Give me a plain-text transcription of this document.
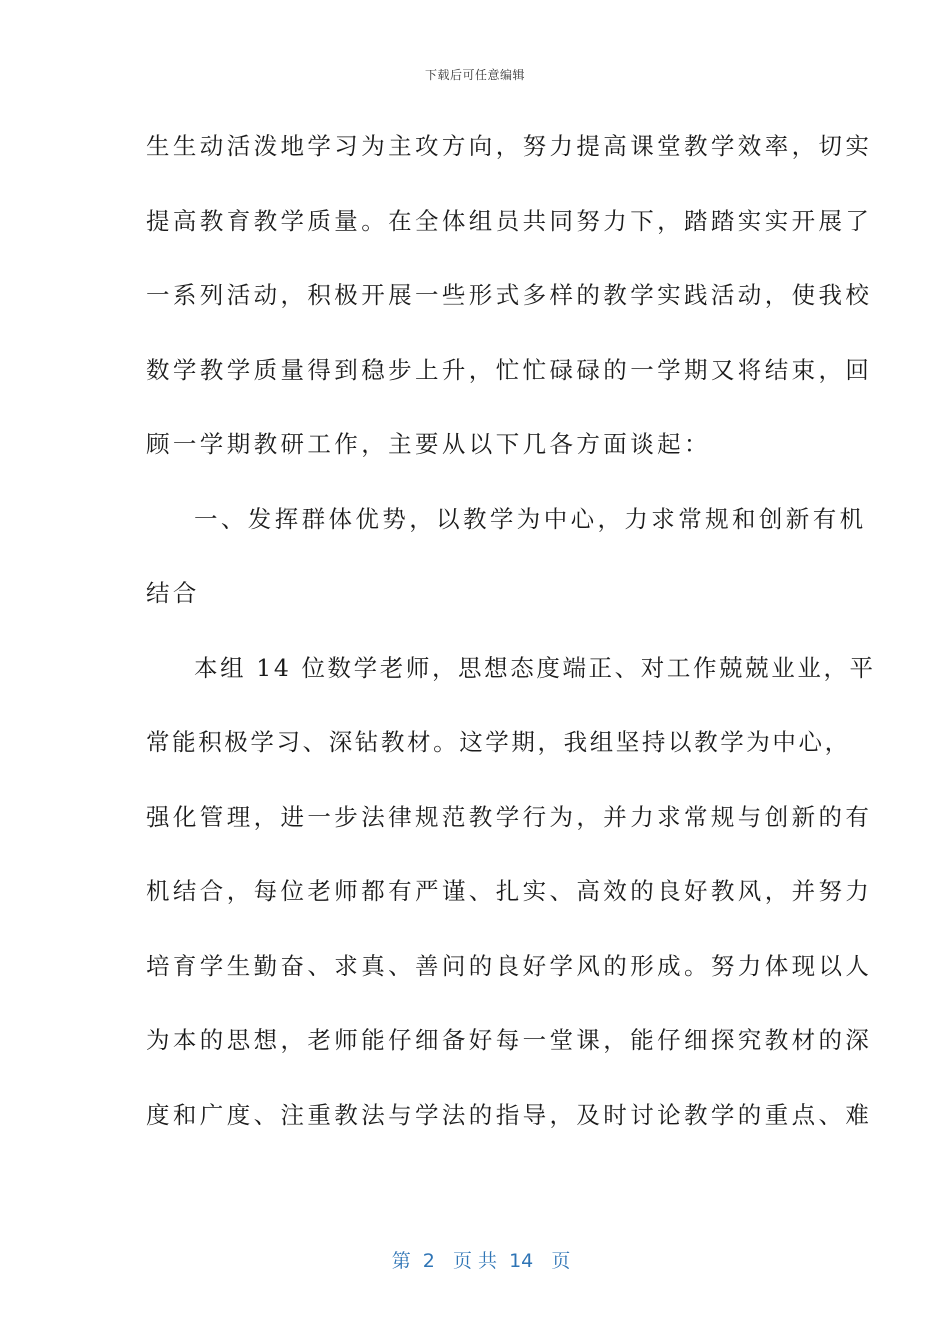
下载后可任意编辑
生生动活泼地学习为主攻方向，努力提高课堂教学效率，切实
提高教育教学质量。在全体组员共同努力下，踏踏实实开展了
一系列活动，积极开展一些形式多样的教学实践活动，使我校
数学教学质量得到稳步上升，忙忙碌碌的一学期又将结束，回
顾一学期教研工作，主要从以下几各方面谈起：
一、发挥群体优势，以教学为中心，力求常规和创新有机
结合
本组 14 位数学老师，思想态度端正、对工作兢兢业业，平
常能积极学习、深钻教材。这学期，我组坚持以教学为中心，
强化管理，进一步法律规范教学行为，并力求常规与创新的有
机结合，每位老师都有严谨、扎实、高效的良好教风，并努力
培育学生勤奋、求真、善问的良好学风的形成。努力体现以人
为本的思想，老师能仔细备好每一堂课，能仔细探究教材的深
度和广度、注重教法与学法的指导，及时讨论教学的重点、难

第  2   页 共  14   页
